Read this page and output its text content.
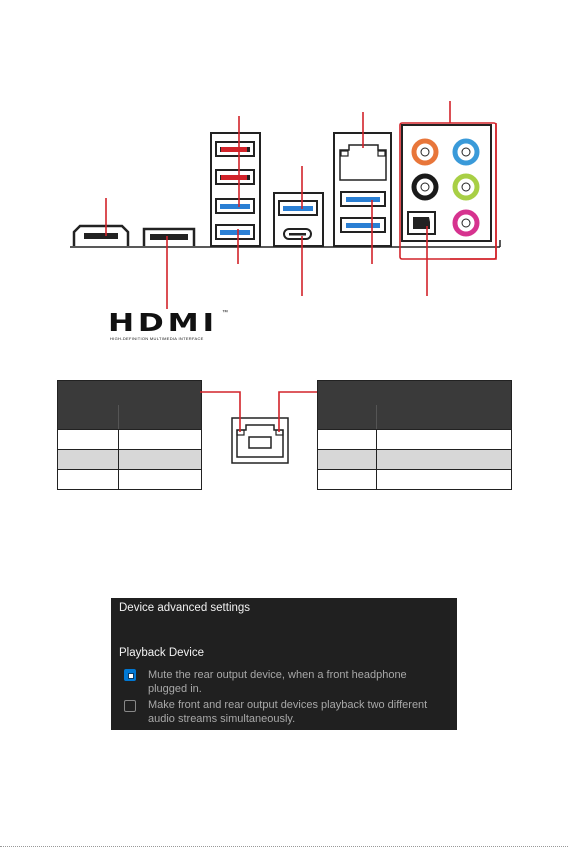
HDMI ™
HIGH-DEFINITION MULTIMEDIA INTERFACE
Device advanced settings
Playback Device
Mute the rear output device, when a front headphone
plugged in.
Make front and rear output devices playback two different
audio streams simultaneously.
